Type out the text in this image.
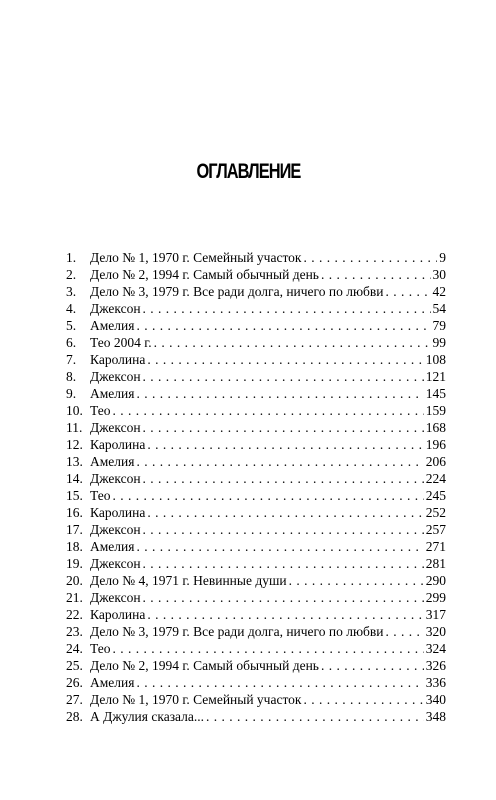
ОГЛАВЛЕНИЕ
1.	Дело № 1, 1970 г. Семейный участок . . .	9
2.	Дело № 2, 1994 г. Самый обычный день . . .	30
3.	Дело № 3, 1979 г. Все ради долга, ничего по любви . . .	42
4.	Джексон . . .	54
5.	Амелия . . .	79
6.	Тео 2004 г. . . .	99
7.	Каролина . . .	108
8.	Джексон . . .	121
9.	Амелия . . .	145
10. Тео . . .	159
11. Джексон . . .	168
12. Каролина . . .	196
13. Амелия . . .	206
14. Джексон . . .	224
15. Тео . . .	245
16. Каролина . . .	252
17. Джексон . . .	257
18. Амелия . . .	271
19. Джексон . . .	281
20. Дело № 4, 1971 г. Невинные души . . .	290
21. Джексон . . .	299
22. Каролина . . .	317
23. Дело № 3, 1979 г. Все ради долга, ничего по любви . . .	320
24. Тео . . .	324
25. Дело № 2, 1994 г. Самый обычный день . . .	326
26. Амелия . . .	336
27. Дело № 1, 1970 г. Семейный участок . . .	340
28. А Джулия сказала... . . .	348
